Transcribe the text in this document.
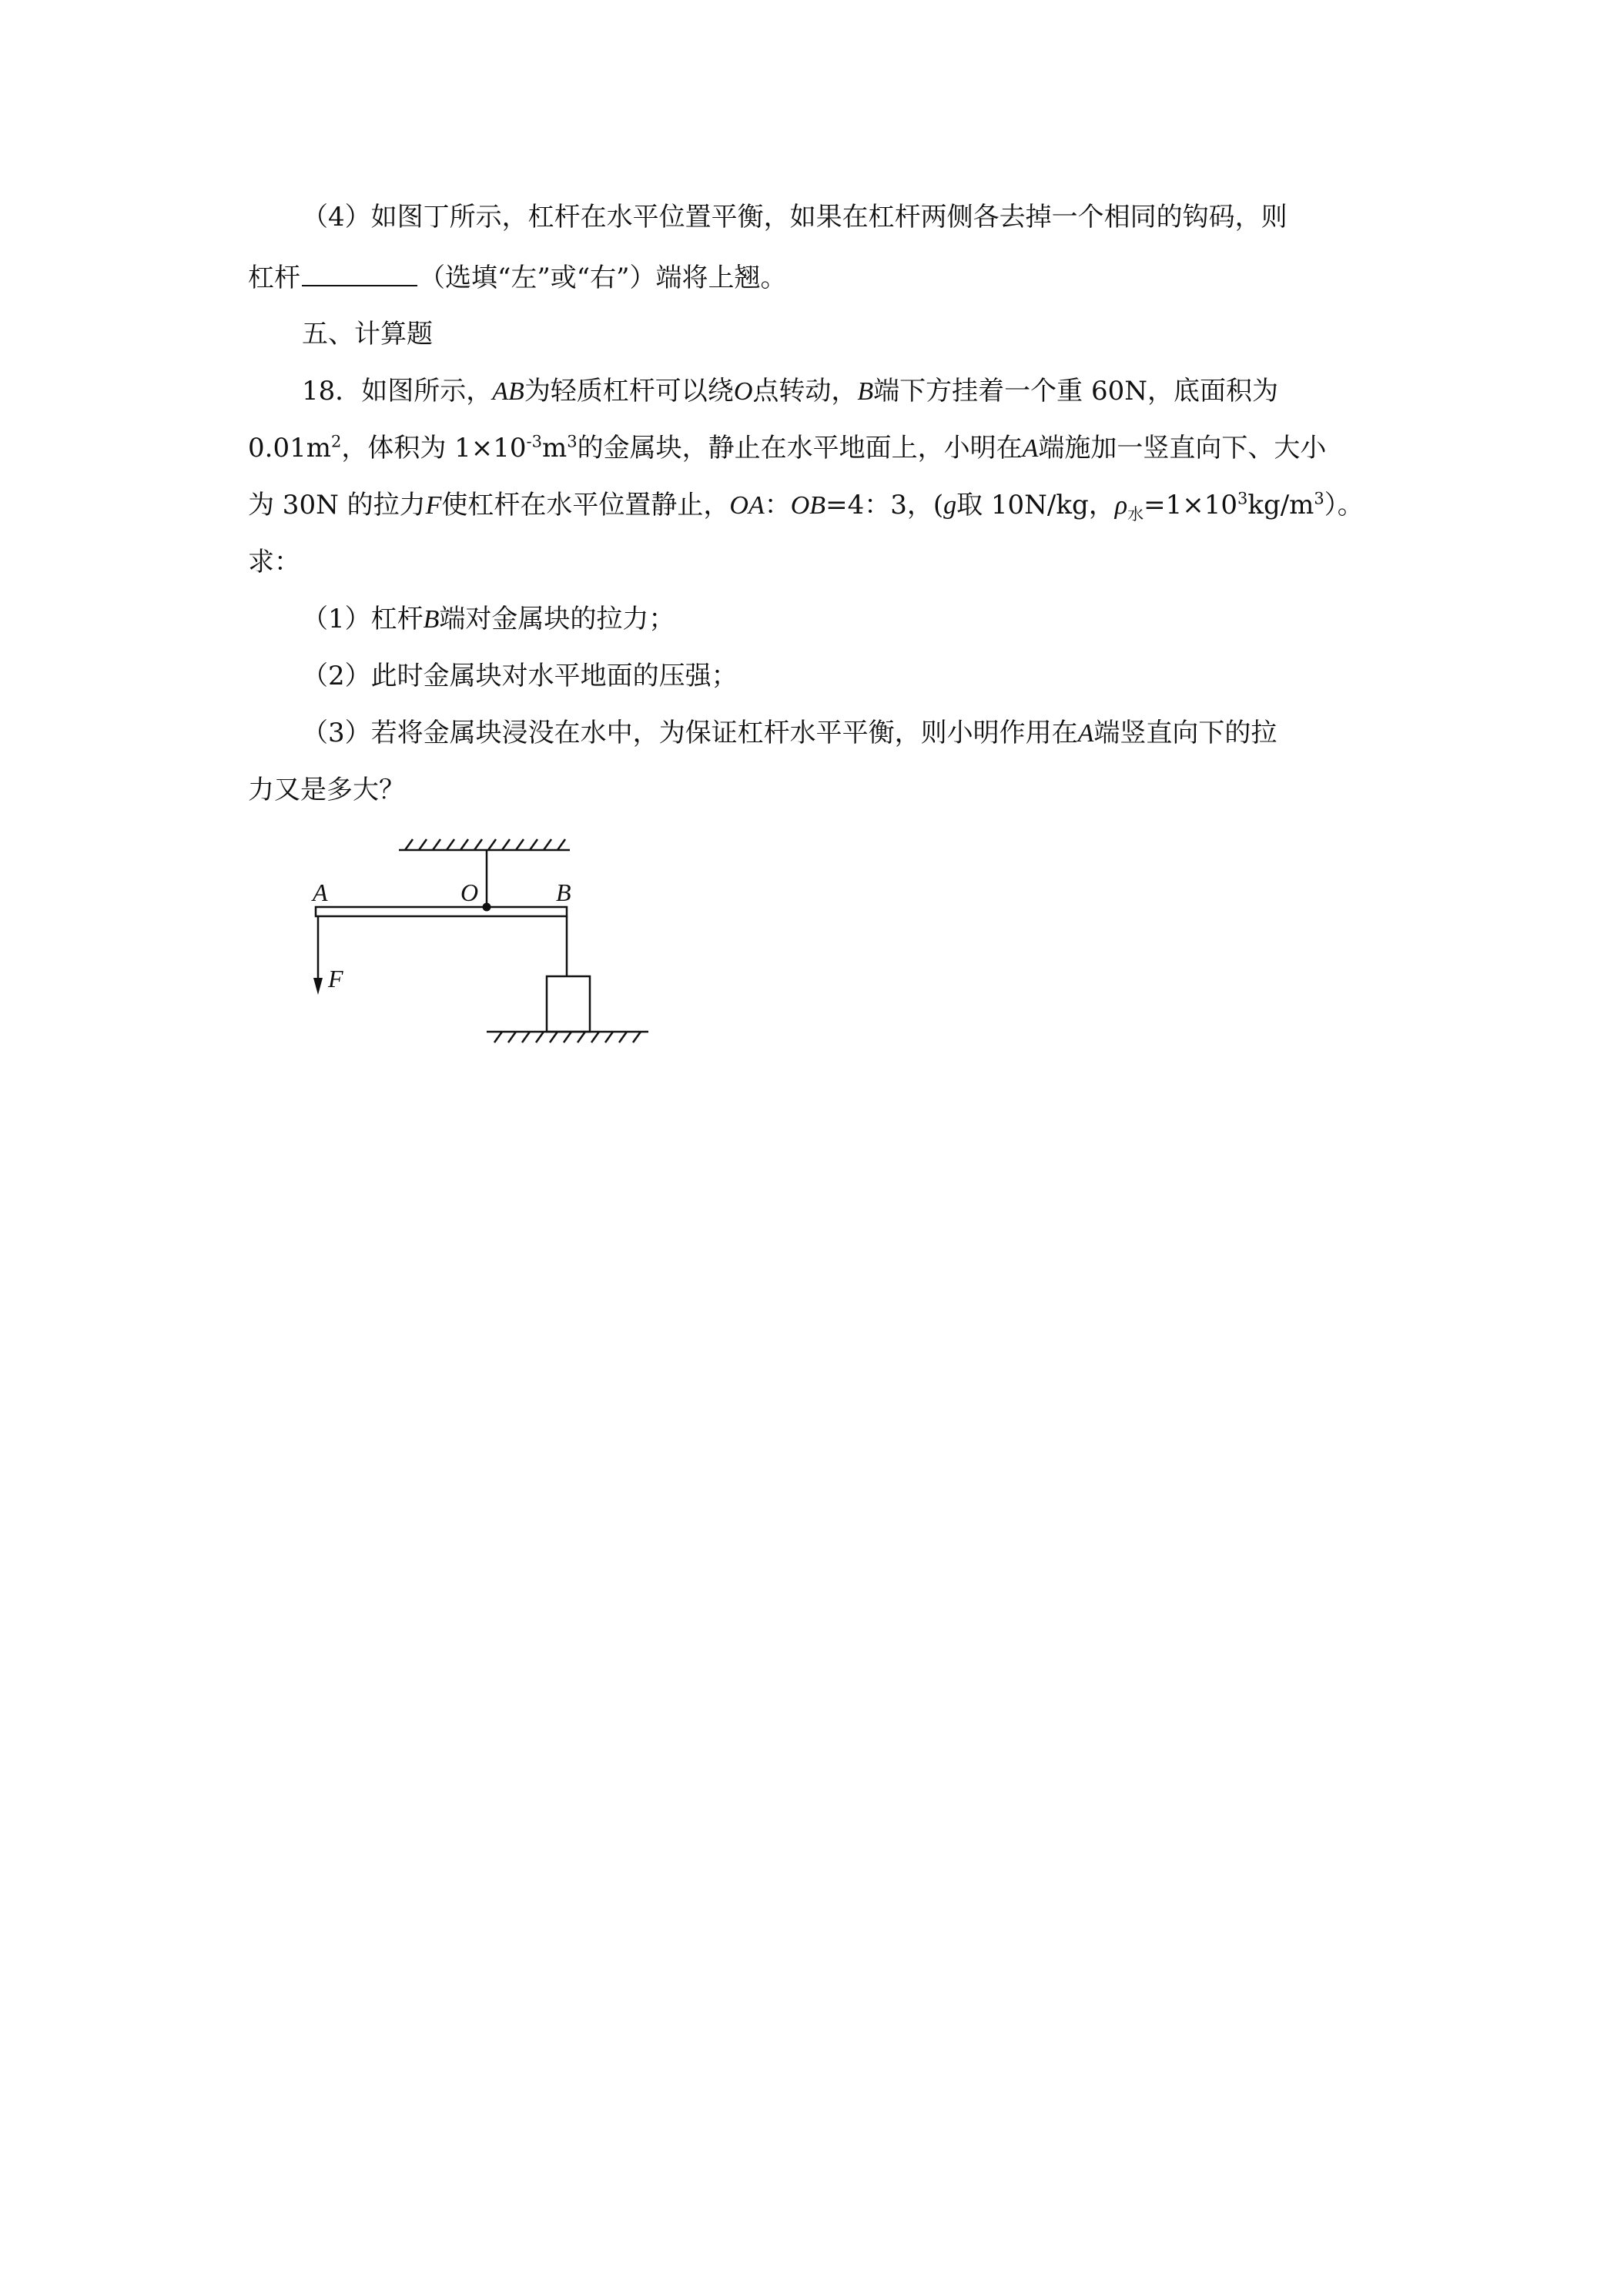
（4）如图丁所示，杠杆在水平位置平衡，如果在杠杆两侧各去掉一个相同的钩码，则
杠杆	（选填“左”或“右”）端将上翘。
五、计算题
18．如图所示，AB为轻质杠杆可以绕O点转动，B端下方挂着一个重 60N，底面积为
$0.01m^2$，体积为 $1\times 10^{-3}m^3$的金属块，静止在水平地面上，小明在A端施加一竖直向下、大小
为 30N 的拉力F使杠杆在水平位置静止，OA：OB=4：3，(g取 10N/kg，$\rho_水=1\times 10^3kg/m^3$）。
求：
（1）杠杆B端对金属块的拉力；
（2）此时金属块对水平地面的压强；
（3）若将金属块浸没在水中，为保证杠杆水平平衡，则小明作用在A端竖直向下的拉
力又是多大？
A	O	B
F
